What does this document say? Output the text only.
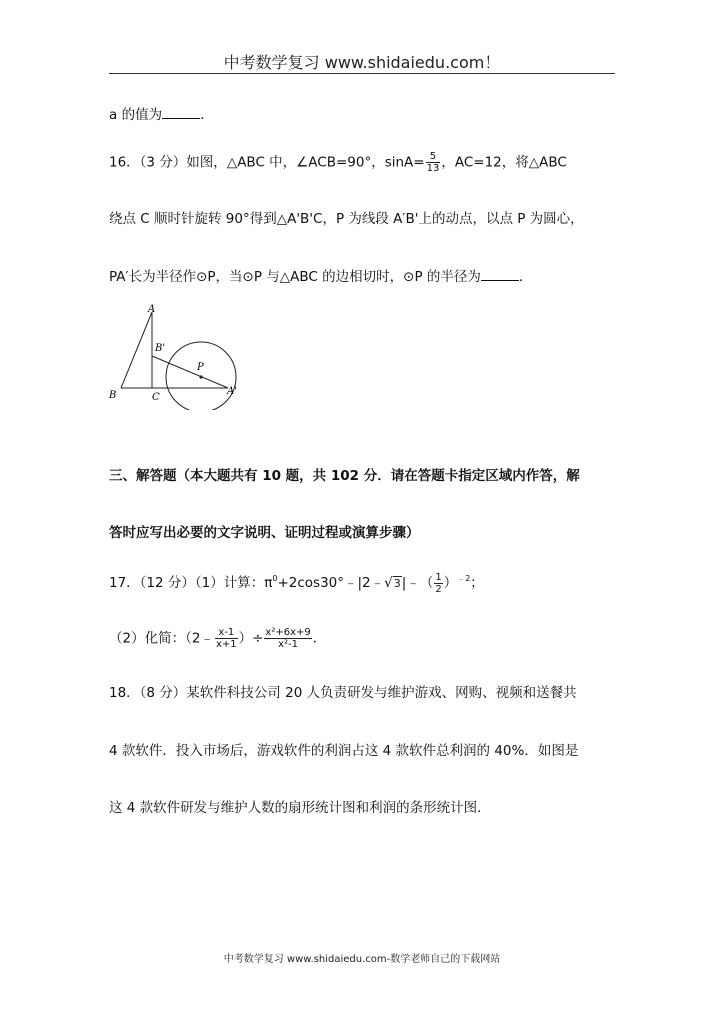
中考数学复习 www.shidaiedu.com！
a 的值为	．
16．（3 分）如图，△ABC 中，∠ACB=90°，$\sin A= \frac{5}{13}$ ，AC=12，将△ABC
绕点 C 顺时针旋转 90°得到△A'B'C，P 为线段 A′B'上的动点，以点 P 为圆心，
PA′长为半径作⊙P，当⊙P 与△ABC 的边相切时，⊙P 的半径为	．
A
B'
P
A'
B	C
三、解答题（本大题共有 10 题，共 102 分．请在答题卡指定区域内作答，解
答时应写出必要的文字说明、证明过程或演算步骤）
17．（12 分）（1）计算：$\pi^0+2\cos 30^\circ﹣|2﹣√3|﹣( \frac{1}{2} )^{﹣2}$；
（2）化简：（2﹣ $\frac{x-1}{x+1}$ ）÷ $\frac{\text{x²+6x+9}}{\text{x²-1}}$ ．
18．（8 分）某软件科技公司 20 人负责研发与维护游戏、网购、视频和送餐共
4 款软件．投入市场后，游戏软件的利润占这 4 款软件总利润的 40%．如图是
这 4 款软件研发与维护人数的扇形统计图和利润的条形统计图．
中考数学复习 www.shidaiedu.com-数学老师自己的下载网站
